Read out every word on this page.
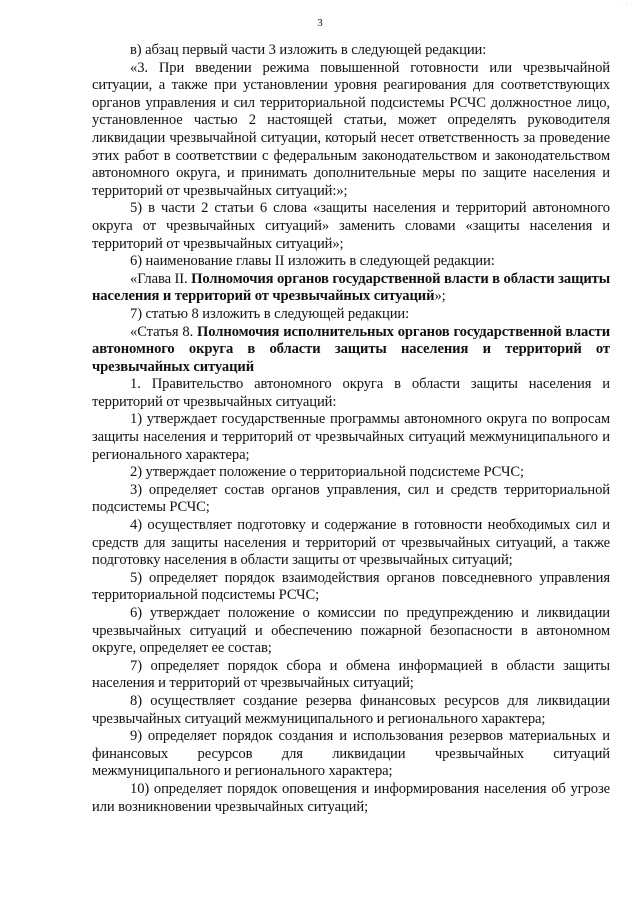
· · ·
3

в) абзац первый части 3 изложить в следующей редакции:

«3. При введении режима повышенной готовности или чрезвычайной ситуации, а также при установлении уровня реагирования для соответствующих органов управления и сил территориальной подсистемы РСЧС должностное лицо, установленное частью 2 настоящей статьи, может определять руководителя ликвидации чрезвычайной ситуации, который несет ответственность за проведение этих работ в соответствии с федеральным законодательством и законодательством автономного округа, и принимать дополнительные меры по защите населения и территорий от чрезвычайных ситуаций:»;

5) в части 2 статьи 6 слова «защиты населения и территорий автономного округа от чрезвычайных ситуаций» заменить словами «защиты населения и территорий от чрезвычайных ситуаций»;

6) наименование главы II изложить в следующей редакции:

«Глава II. Полномочия органов государственной власти в области защиты населения и территорий от чрезвычайных ситуаций»;

7) статью 8 изложить в следующей редакции:

«Статья 8. Полномочия исполнительных органов государственной власти автономного округа в области защиты населения и территорий от чрезвычайных ситуаций

1. Правительство автономного округа в области защиты населения и территорий от чрезвычайных ситуаций:

1) утверждает государственные программы автономного округа по вопросам защиты населения и территорий от чрезвычайных ситуаций межмуниципального и регионального характера;

2) утверждает положение о территориальной подсистеме РСЧС;

3) определяет состав органов управления, сил и средств территориальной подсистемы РСЧС;

4) осуществляет подготовку и содержание в готовности необходимых сил и средств для защиты населения и территорий от чрезвычайных ситуаций, а также подготовку населения в области защиты от чрезвычайных ситуаций;

5) определяет порядок взаимодействия органов повседневного управления территориальной подсистемы РСЧС;

6) утверждает положение о комиссии по предупреждению и ликвидации чрезвычайных ситуаций и обеспечению пожарной безопасности в автономном округе, определяет ее состав;

7) определяет порядок сбора и обмена информацией в области защиты населения и территорий от чрезвычайных ситуаций;

8) осуществляет создание резерва финансовых ресурсов для ликвидации чрезвычайных ситуаций межмуниципального и регионального характера;

9) определяет порядок создания и использования резервов материальных и финансовых ресурсов для ликвидации чрезвычайных ситуаций межмуниципального и регионального характера;

10) определяет порядок оповещения и информирования населения об угрозе или возникновении чрезвычайных ситуаций;
